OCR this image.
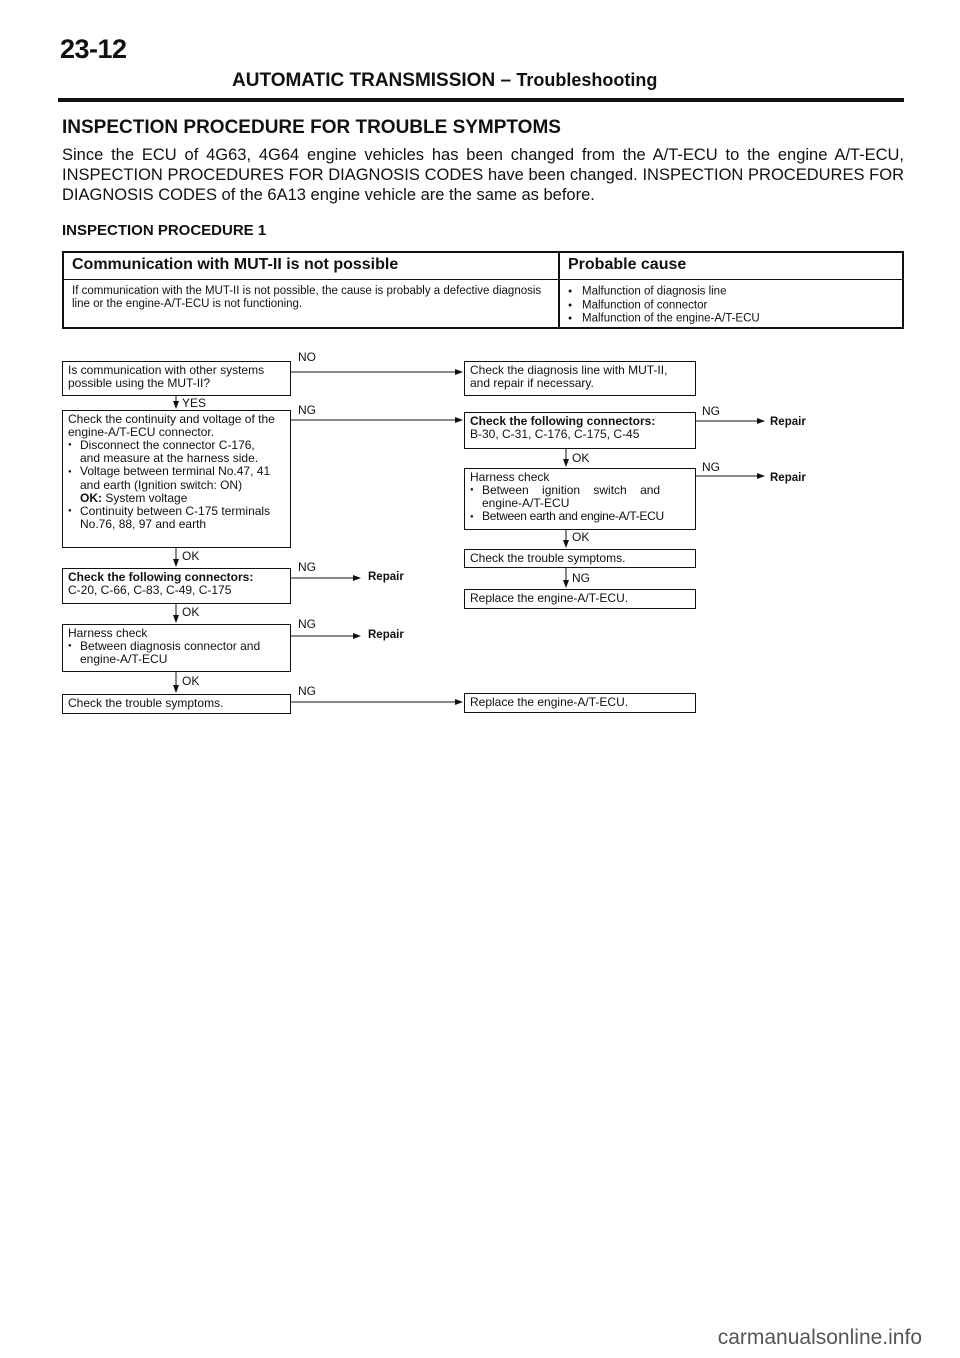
23-12
AUTOMATIC TRANSMISSION – Troubleshooting
INSPECTION PROCEDURE FOR TROUBLE SYMPTOMS
Since the ECU of 4G63, 4G64 engine vehicles has been changed from the A/T-ECU to the engine A/T-ECU, INSPECTION PROCEDURES FOR DIAGNOSIS CODES have been changed. INSPECTION PROCEDURES FOR DIAGNOSIS CODES of the 6A13 engine vehicle are the same as before.
INSPECTION PROCEDURE 1
Communication with MUT-II is not possible	Probable cause
If communication with the MUT-II is not possible, the cause is probably a defective diagnosis line or the engine-A/T-ECU is not functioning.
● Malfunction of diagnosis line
● Malfunction of connector
● Malfunction of the engine-A/T-ECU
Is communication with other systems
possible using the MUT-II?
Check the continuity and voltage of the
engine-A/T-ECU connector.
● Disconnect the connector C-176,
and measure at the harness side.
● Voltage between terminal No.47, 41
and earth (Ignition switch: ON)
OK: System voltage
● Continuity between C-175 terminals
No.76, 88, 97 and earth
Check the following connectors:
C-20, C-66, C-83, C-49, C-175
Harness check
● Between diagnosis connector and
engine-A/T-ECU
Check the trouble symptoms.
Check the diagnosis line with MUT-II,
and repair if necessary.
Check the following connectors:
B-30, C-31, C-176, C-175, C-45
Harness check
● Between ignition switch and
engine-A/T-ECU
● Between earth and engine-A/T-ECU
Check the trouble symptoms.
Replace the engine-A/T-ECU.
Replace the engine-A/T-ECU.
NO
YES	NG
OK
NG
Repair
OK
NG
Repair
OK
NG
NG
Repair
OK
NG
Repair
OK
NG
carmanualsonline.info
